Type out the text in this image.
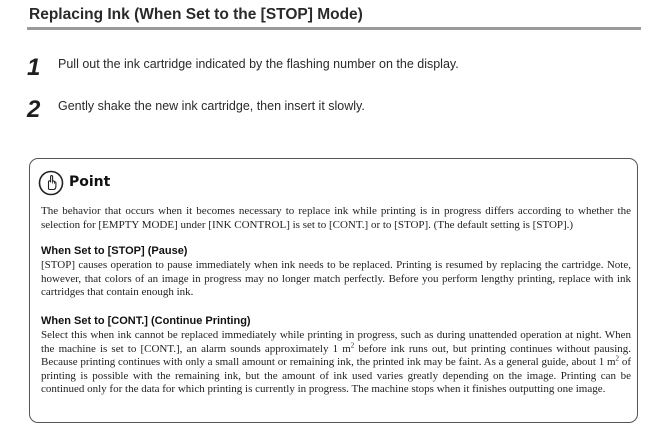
Replacing Ink (When Set to the [STOP] Mode)
1 Pull out the ink cartridge indicated by the flashing number on the display.
2 Gently shake the new ink cartridge, then insert it slowly.
Point
The behavior that occurs when it becomes necessary to replace ink while printing is in progress differs according to whether the selection for [EMPTY MODE] under [INK CONTROL] is set to [CONT.] or to [STOP]. (The default setting is [STOP].)
When Set to [STOP] (Pause)
[STOP] causes operation to pause immediately when ink needs to be replaced. Printing is resumed by replacing the cartridge. Note, however, that colors of an image in progress may no longer match perfectly. Before you perform lengthy printing, replace with ink cartridges that contain enough ink.
When Set to [CONT.] (Continue Printing)
Select this when ink cannot be replaced immediately while printing in progress, such as during unattended operation at night. When the machine is set to [CONT.], an alarm sounds approximately 1 $m^2$ before ink runs out, but printing continues without pausing. Because printing continues with only a small amount or remaining ink, the printed ink may be faint. As a general guide, about 1 $m^2$ of printing is possible with the remaining ink, but the amount of ink used varies greatly depending on the image. Printing can be continued only for the data for which printing is currently in progress. The machine stops when it finishes outputting one image.
